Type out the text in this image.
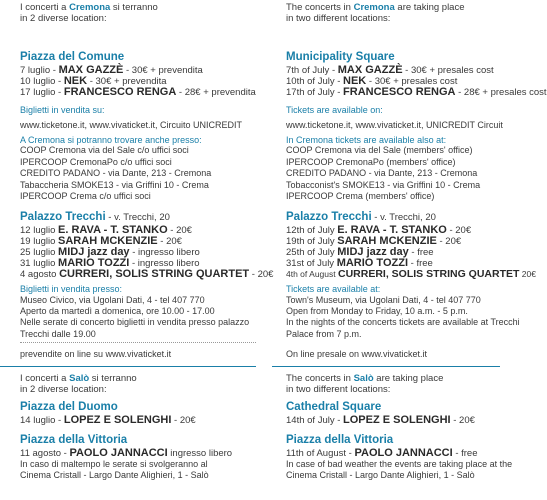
I concerti a Cremona si terranno
in 2 diverse location:
Piazza del Comune
7 luglio - MAX GAZZÈ - 30€ + prevendita
10 luglio - NEK - 30€ + prevendita
17 luglio - FRANCESCO RENGA - 28€ + prevendita
Biglietti in vendita su:
www.ticketone.it, www.vivaticket.it, Circuito UNICREDIT
A Cremona si potranno trovare anche presso:
COOP Cremona via del Sale c/o uffici soci
IPERCOOP CremonaPo c/o uffici soci
CREDITO PADANO - via Dante, 213 - Cremona
Tabaccheria SMOKE13 - via Griffini 10 - Crema
IPERCOOP Crema c/o uffici soci
Palazzo Trecchi - v. Trecchi, 20
12 luglio E. RAVA - T. STANKO - 20€
19 luglio SARAH MCKENZIE - 20€
25 luglio MIDJ jazz day - ingresso libero
31 luglio MARIO TOZZI - ingresso libero
4 agosto CURRERI, SOLIS STRING QUARTET - 20€
Biglietti in vendita presso:
Museo Civico, via Ugolani Dati, 4 - tel 407 770
Aperto da martedì a domenica, ore 10.00 - 17.00
Nelle serate di concerto biglietti in vendita presso palazzo
Trecchi dalle 19.00
prevendite on line su www.vivaticket.it
I concerti a Salò si terranno
in 2 diverse location:
Piazza del Duomo
14 luglio - LOPEZ E SOLENGHI - 20€
Piazza della Vittoria
11 agosto - PAOLO JANNACCI ingresso libero
In caso di maltempo le serate si svolgeranno al
Cinema Cristall - Largo Dante Alighieri, 1 - Salò
The concerts in Cremona are taking place
in two different locations:
Municipality Square
7th of July - MAX GAZZÈ - 30€ + presales cost
10th of July - NEK - 30€ + presales cost
17th of July - FRANCESCO RENGA - 28€ + presales cost
Tickets are available on:
www.ticketone.it, www.vivaticket.it, UNICREDIT Circuit
In Cremona tickets are available also at:
COOP Cremona via del Sale (members' office)
IPERCOOP CremonaPo (members' office)
CREDITO PADANO - via Dante, 213 - Cremona
Tobacconist's SMOKE13 - via Griffini 10 - Crema
IPERCOOP Crema (members' office)
Palazzo Trecchi - v. Trecchi, 20
12th of July E. RAVA - T. STANKO - 20€
19th of July SARAH MCKENZIE - 20€
25th of July MIDJ jazz day - free
31st of July MARIO TOZZI - free
4th of August CURRERI, SOLIS STRING QUARTET 20€
Tickets are available at:
Town's Museum, via Ugolani Dati, 4 - tel 407 770
Open from Monday to Friday, 10 a.m. - 5 p.m.
In the nights of the concerts tickets are available at Trecchi
Palace from 7 p.m.
On line presale on www.vivaticket.it
The concerts in Salò are taking place
in two different locations:
Cathedral Square
14th of July - LOPEZ E SOLENGHI - 20€
Piazza della Vittoria
11th of August - PAOLO JANNACCI - free
In case of bad weather the events are taking place at the
Cinema Cristall - Largo Dante Alighieri, 1 - Salò
